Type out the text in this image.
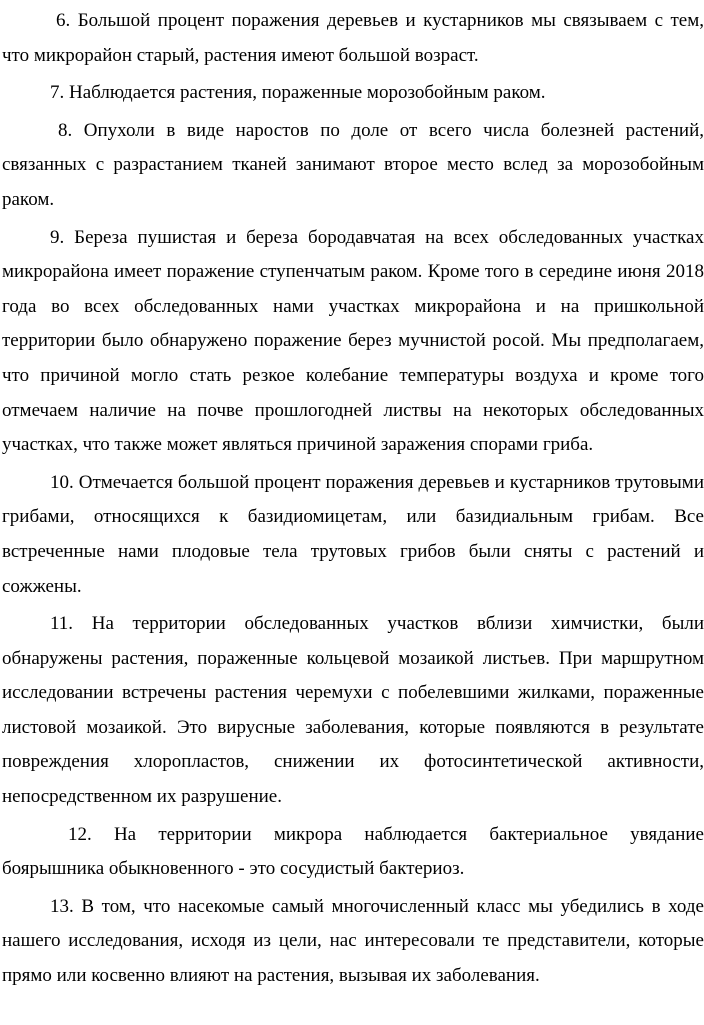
6. Большой процент поражения деревьев и кустарников мы связываем с тем, что микрорайон старый, растения имеют большой возраст.

7. Наблюдается растения, пораженные морозобойным раком.

8. Опухоли в виде наростов по доле от всего числа болезней растений, связанных с разрастанием тканей занимают второе место вслед за морозобойным раком.

9. Береза пушистая и береза бородавчатая на всех обследованных участках микрорайона имеет поражение ступенчатым раком. Кроме того в середине июня 2018 года во всех обследованных нами участках микрорайона и на пришкольной территории было обнаружено поражение берез мучнистой росой. Мы предполагаем, что причиной могло стать резкое колебание температуры воздуха и кроме того отмечаем наличие на почве прошлогодней листвы на некоторых обследованных участках, что также может являться причиной заражения спорами гриба.

10. Отмечается большой процент поражения деревьев и кустарников трутовыми грибами, относящихся к базидиомицетам, или базидиальным грибам. Все встреченные нами плодовые тела трутовых грибов были сняты с растений и сожжены.

11. На территории обследованных участков вблизи химчистки, были обнаружены растения, пораженные кольцевой мозаикой листьев. При маршрутном исследовании встречены растения черемухи с побелевшими жилками, пораженные листовой мозаикой. Это вирусные заболевания, которые появляются в результате повреждения хлоропластов, снижении их фотосинтетической активности, непосредственном их разрушение.

12. На территории микрора наблюдается бактериальное увядание боярышника обыкновенного - это сосудистый бактериоз.

13. В том, что насекомые самый многочисленный класс мы убедились в ходе нашего исследования, исходя из цели, нас интересовали те представители, которые прямо или косвенно влияют на растения, вызывая их заболевания.
